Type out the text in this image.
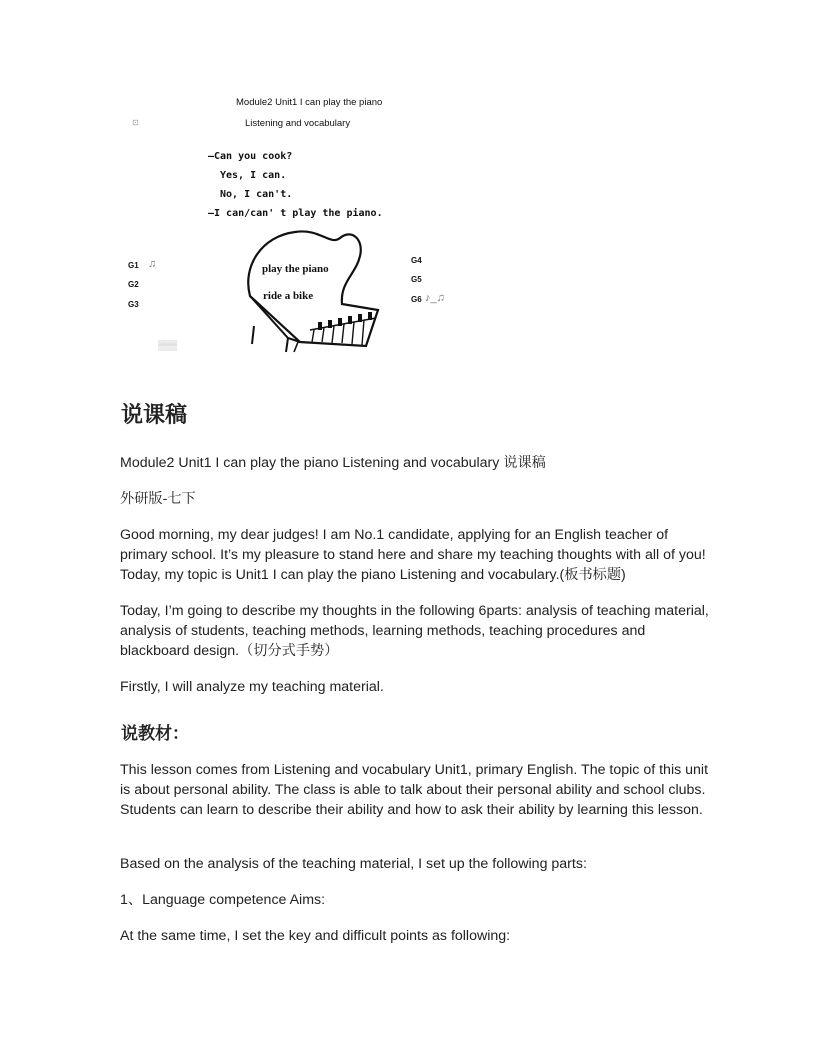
⊡
Module2 Unit1 I can play the piano
Listening and vocabulary
—Can you cook?
Yes, I can.
No, I can't.
—I can/can' t play the piano.
G1
G2
G3
♫	G4
G5
G6 ♪_♫
play the piano
ride a bike
▒▒▒
说课稿
Module2 Unit1 I can play the piano Listening and vocabulary 说课稿
外研版-七下
Good morning, my dear judges! I am No.1 candidate, applying for an English teacher of primary school. It’s my pleasure to stand here and share my teaching thoughts with all of you! Today, my topic is Unit1 I can play the piano Listening and vocabulary.(板书标题)
Today, I’m going to describe my thoughts in the following 6parts: analysis of teaching material, analysis of students, teaching methods, learning methods, teaching procedures and blackboard design.（切分式手势）
Firstly, I will analyze my teaching material.
说教材：
This lesson comes from Listening and vocabulary Unit1, primary English. The topic of this unit is about personal ability. The class is able to talk about their personal ability and school clubs. Students can learn to describe their ability and how to ask their ability by learning this lesson.
Based on the analysis of the teaching material, I set up the following parts:
1、Language competence Aims:
At the same time, I set the key and difficult points as following:
